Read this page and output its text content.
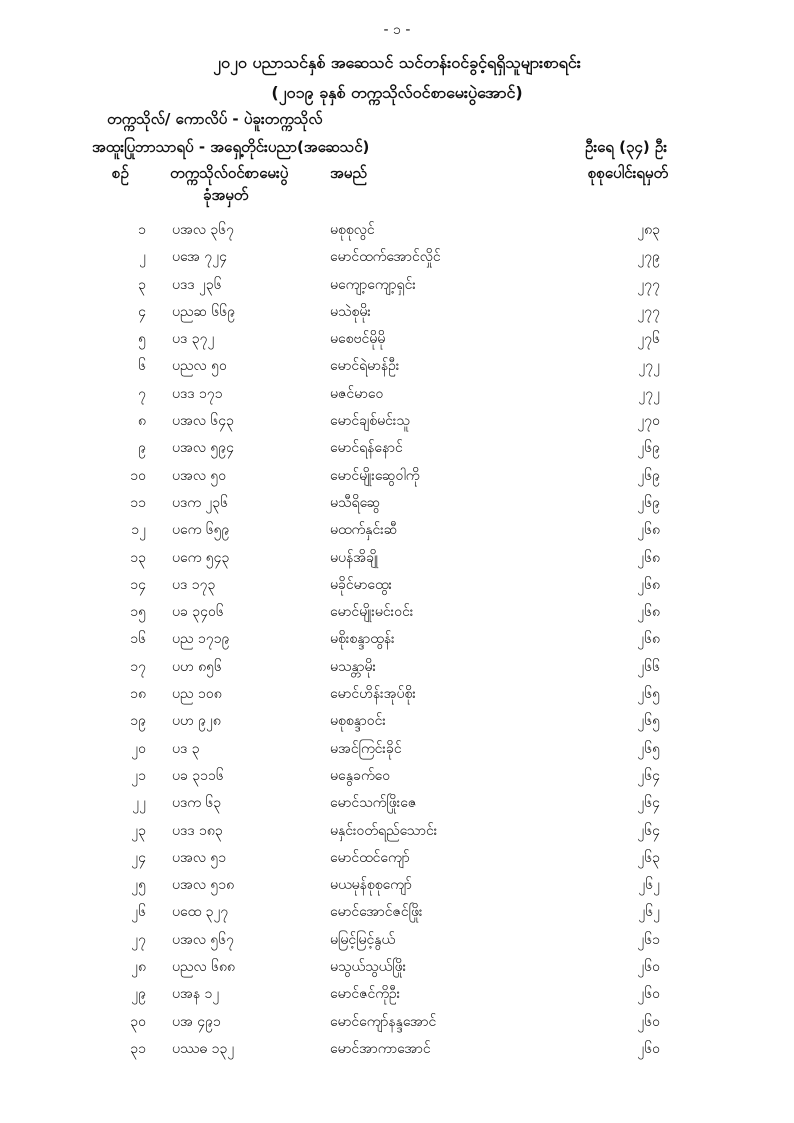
- ၁ -
၂၀၂၀ ပညာသင်နှစ် အဆေသင် သင်တန်းဝင်ခွင့်ရရှိသူများစာရင်း
(၂၀၁၉ ခုနှစ် တက္ကသိုလ်ဝင်စာမေးပွဲအောင်)
တက္ကသိုလ်/ ကောလိပ် - ပဲခူးတက္ကသိုလ်
အထူးပြုဘာသာရပ် - အရှေ့တိုင်းပညာ(အဆေသင်)	ဦးရေ (၃၄) ဦး
စဉ်	တက္ကသိုလ်ဝင်စာမေးပွဲ
ခုံအမှတ်
အမည်	စုစုပေါင်းရမှတ်
၁ ပအလ ၃၆၇	မစုစုလွင်	၂၈၃
၂ ပအေ ၇၂၄	မောင်ထက်အောင်လှိုင်	၂၇၉
၃ ပဒဒ ၂၃၆	မကျော့ကျော့ရှင်း	၂၇၇
၄ ပညဆ ၆၆၉	မသဲစုမိုး	၂၇၇
၅ ပဒ ၃၇၂	မစေဗင်မိုမို	၂၇၆
၆ ပညလ ၅၀	မောင်ရဲမာန်ဦး	၂၇၂
၇ ပဒဒ ၁၇၁	မဇင်မာဝေ	၂၇၂
၈ ပအလ ၆၄၃	မောင်ချစ်မင်းသူ	၂၇၀
၉ ပအလ ၅၉၄	မောင်ရန်နောင်	၂၆၉
၁၀ ပအလ ၅၀	မောင်မျိုးဆွေဝါကို	၂၆၉
၁၁ ပဒက ၂၃၆	မသီရိဆွေ	၂၆၉
၁၂ ပကေ ၆၅၉	မထက်နှင်းဆီ	၂၆၈
၁၃ ပကေ ၅၄၃	မပန်အိချို	၂၆၈
၁၄ ပဒ ၁၇၃	မခိုင်မာထွေး	၂၆၈
၁၅ ပခ ၃၄၀၆	မောင်မျိုးမင်းဝင်း	၂၆၈
၁၆ ပည ၁၇၁၉	မစိုးစန္ဒာထွန်း	၂၆၈
၁၇ ပဟ ၈၅၆	မသန္တာမိုး	၂၆၆
၁၈ ပည ၁၀၈	မောင်ဟိန်းအုပ်စိုး	၂၆၅
၁၉ ပဟ ၉၂၈	မစုစန္ဒာဝင်း	၂၆၅
၂၀ ပဒ ၃	မအင်ကြင်းခိုင်	၂၆၅
၂၁ ပခ ၃၁၁၆	မနွေခက်ဝေ	၂၆၄
၂၂ ပဒက ၆၃	မောင်သက်ဖြိုးဇေ	၂၆၄
၂၃ ပဒဒ ၁၈၃	မနှင်းဝတ်ရည်သောင်း	၂၆၄
၂၄ ပအလ ၅၁	မောင်ထင်ကျော်	၂၆၃
၂၅ ပအလ ၅၁၈	မယမုန်စုစုကျော်	၂၆၂
၂၆ ပထေ ၃၂၇	မောင်အောင်ဇင်ဖြိုး	၂၆၂
၂၇ ပအလ ၅၆၇	မမြင့်မြင့်နွယ်	၂၆၁
၂၈ ပညလ ၆၈၈	မသွယ်သွယ်ဖြိုး	၂၆၀
၂၉ ပအန ၁၂	မောင်ဇင်ကိုဦး	၂၆၀
၃၀ ပအ ၄၉၁	မောင်ကျော်နန္ဒအောင်	၂၆၀
၃၁ ပဿဓ ၁၃၂	မောင်အာကာအောင်	၂၆၀
